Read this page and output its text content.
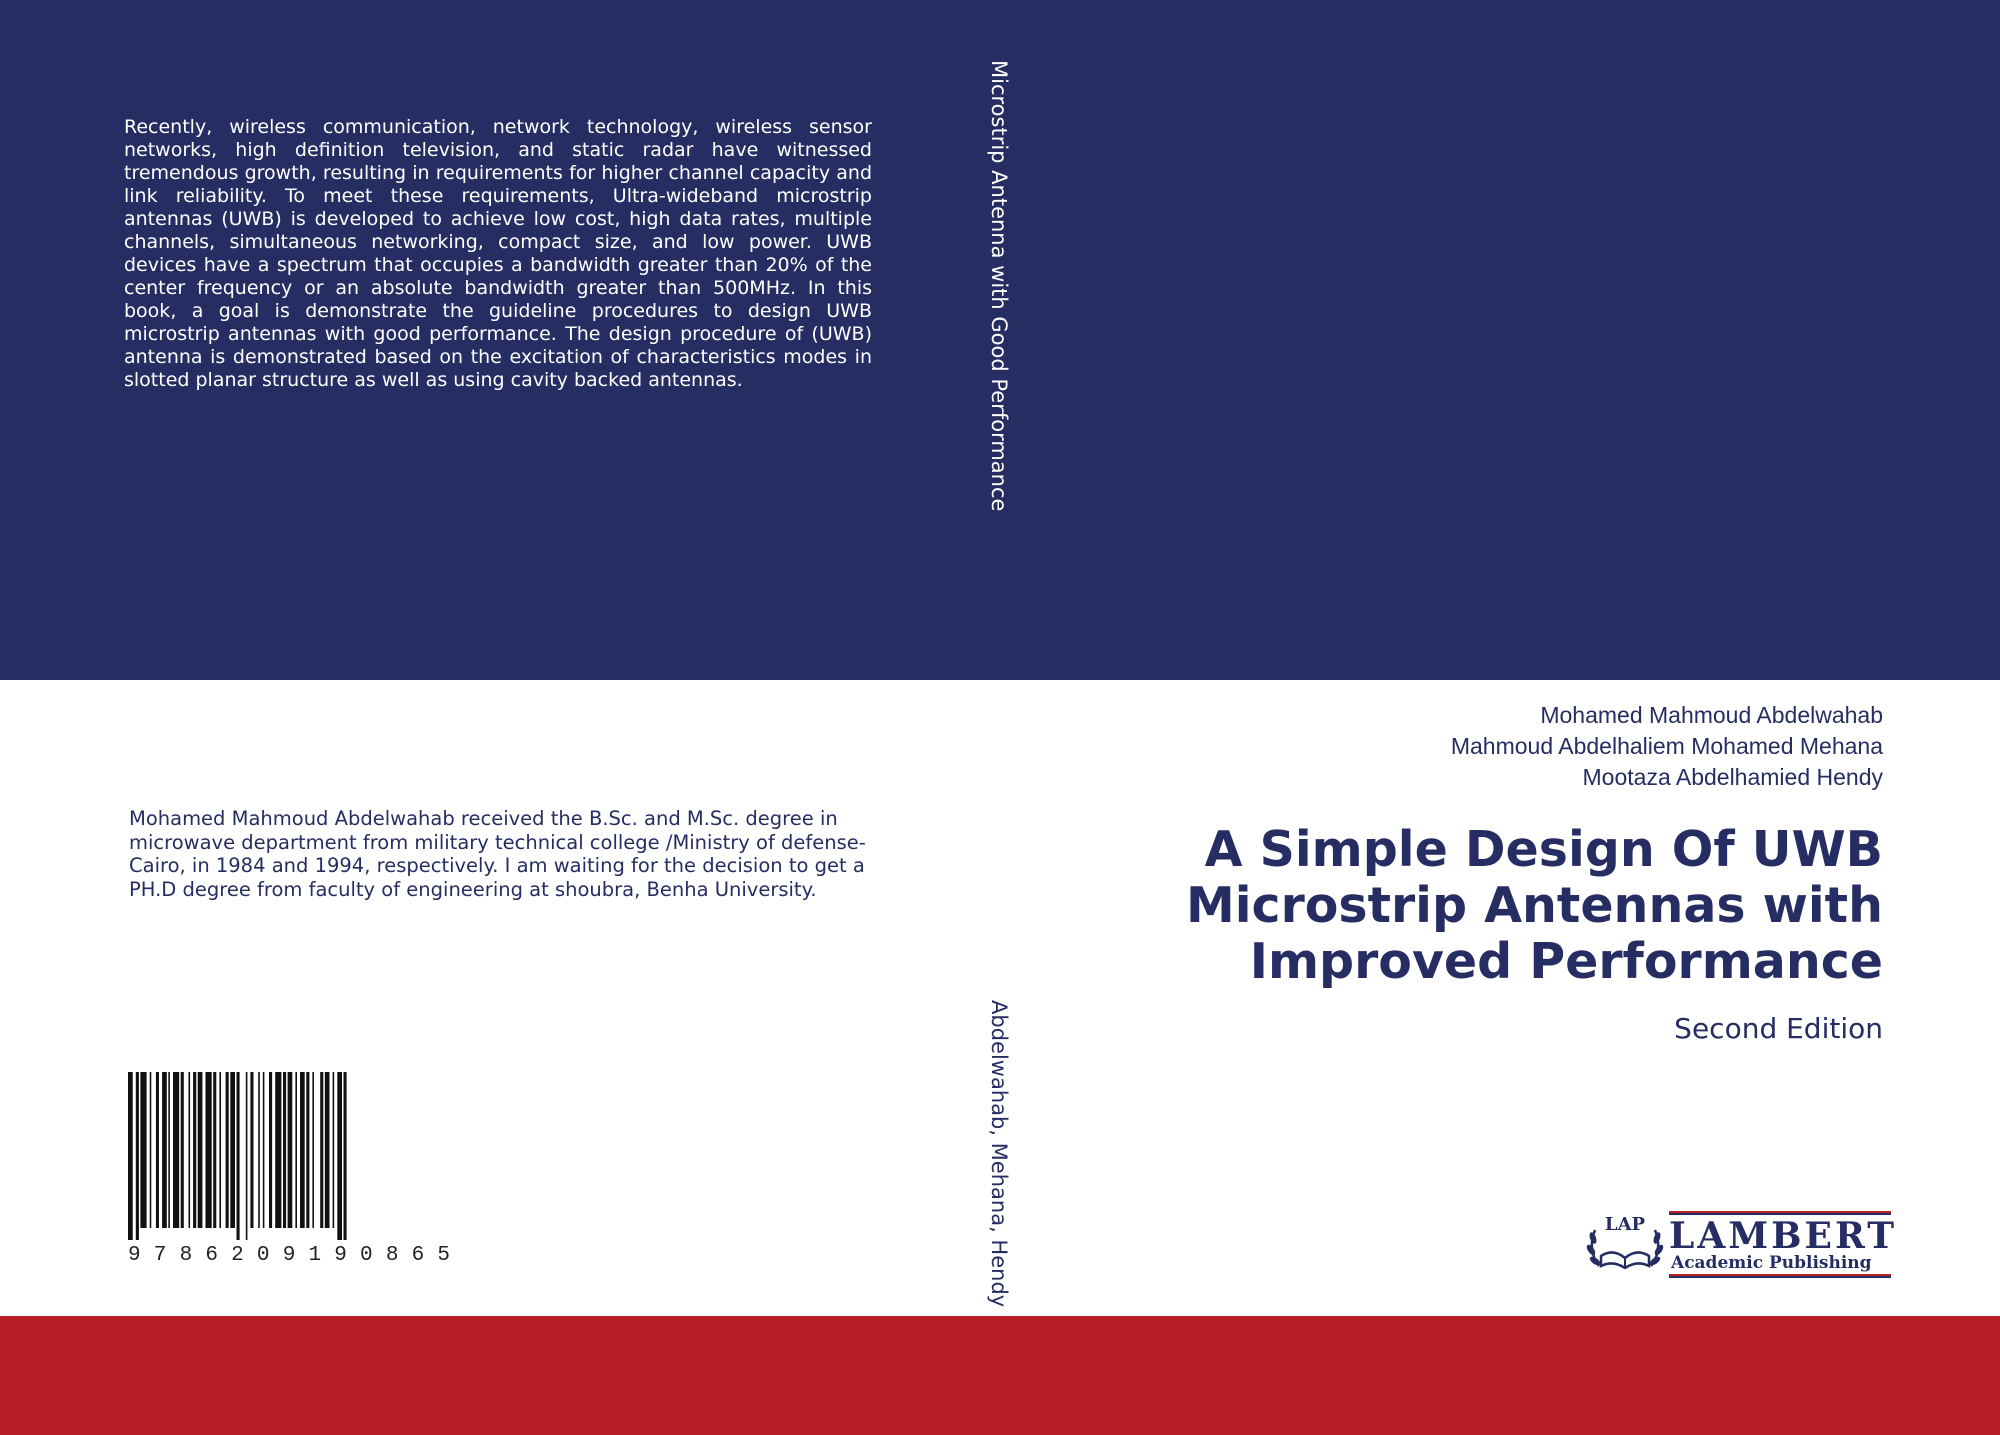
Recently, wireless communication, network technology, wireless sensor networks, high definition television, and static radar have witnessed tremendous growth, resulting in requirements for higher channel capacity and link reliability. To meet these requirements, Ultra-wideband microstrip antennas (UWB) is developed to achieve low cost, high data rates, multiple channels, simultaneous networking, compact size, and low power. UWB devices have a spectrum that occupies a bandwidth greater than 20% of the center frequency or an absolute bandwidth greater than 500MHz. In this book, a goal is demonstrate the guideline procedures to design UWB microstrip antennas with good performance. The design procedure of (UWB) antenna is demonstrated based on the excitation of characteristics modes in slotted planar structure as well as using cavity backed antennas.	Microstrip Antenna with Good Performance
Abdelwahab, Mehana, Hendy

Mohamed Mahmoud Abdelwahab received the B.Sc. and M.Sc. degree in microwave department from military technical college /Ministry of defense-Cairo, in 1984 and 1994, respectively. I am waiting for the decision to get a PH.D degree from faculty of engineering at shoubra, Benha University.

9 7 8 6 2 0 9 1 9 0 8 6 5
Mohamed Mahmoud Abdelwahab
Mahmoud Abdelhaliem Mohamed Mehana
Mootaza Abdelhamied Hendy
A Simple Design Of UWB
Microstrip Antennas with
Improved Performance
Second Edition
LAP LAMBERT
Academic Publishing
